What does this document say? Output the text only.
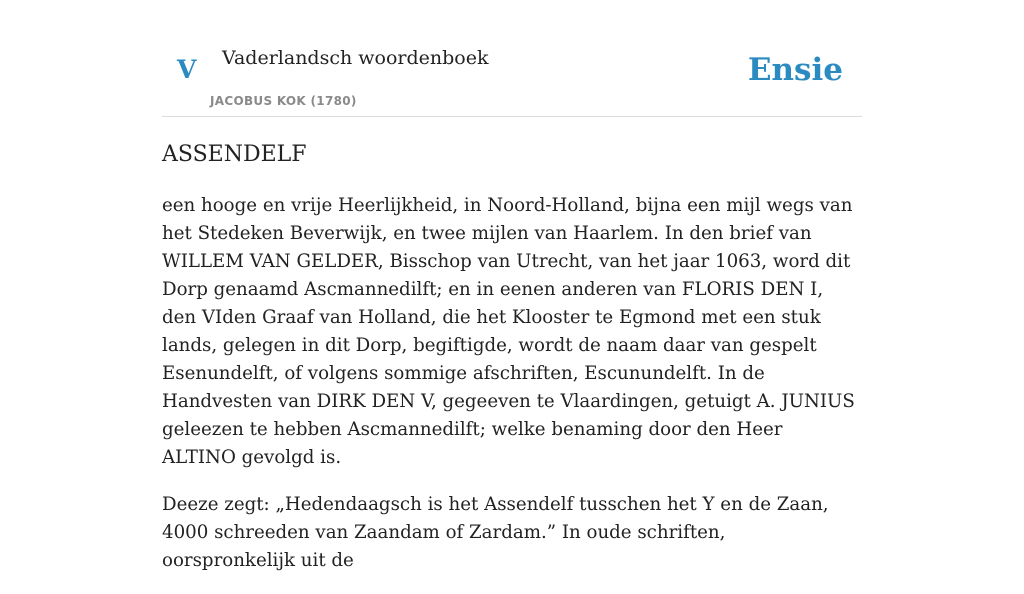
V Vaderlandsch woordenboek
JACOBUS KOK (1780)
Ensie
ASSENDELF

een hooge en vrije Heerlijkheid, in Noord-Holland, bijna een mijl wegs van het Stedeken Beverwijk, en twee mijlen van Haarlem. In den brief van WILLEM VAN GELDER, Bisschop van Utrecht, van het jaar 1063, word dit Dorp genaamd Ascmannedilft; en in eenen anderen van FLORIS DEN I, den VIden Graaf van Holland, die het Klooster te Egmond met een stuk lands, gelegen in dit Dorp, begiftigde, wordt de naam daar van gespelt Esenundelft, of volgens sommige afschriften, Escunundelft. In de Handvesten van DIRK DEN V, gegeeven te Vlaardingen, getuigt A. JUNIUS geleezen te hebben Ascmannedilft; welke benaming door den Heer ALTINO gevolgd is.

Deeze zegt: „Hedendaagsch is het Assendelf tusschen het Y en de Zaan, 4000 schreeden van Zaandam of Zardam.” In oude schriften, oorspronkelijk uit de
